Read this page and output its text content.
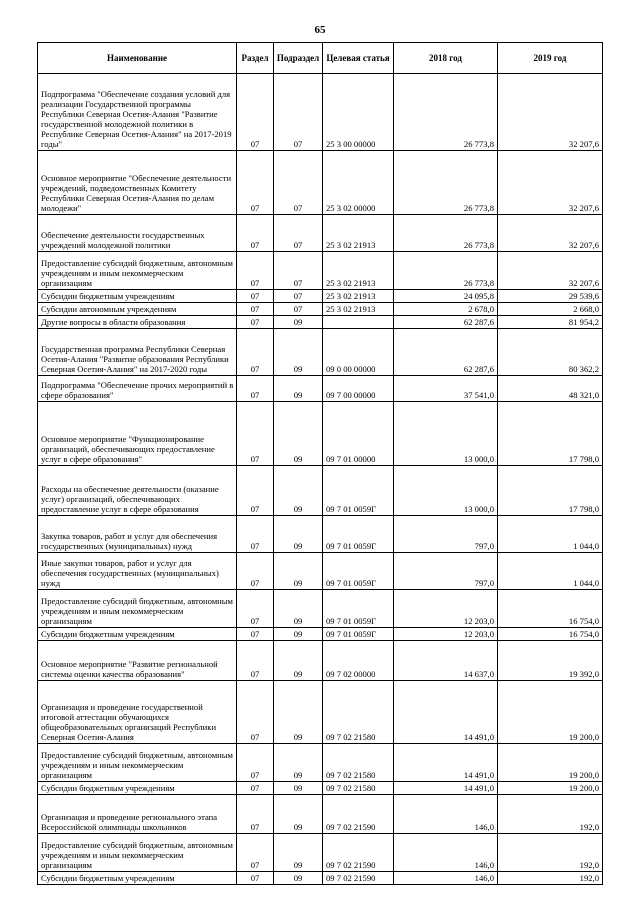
65
Наименование	Раздел	Подраздел	Целевая статья	2018 год	2019 год
Подпрограмма "Обеспечение создания условий для реализации Государственной программы Республики Северная Осетия-Алания "Развитие государственной молодежной политики в Республике Северная Осетия-Алания" на 2017-2019 годы"	07	07	25 3 00 00000	26 773,8	32 207,6
Основное мероприятие "Обеспечение деятельности учреждений, подведомственных Комитету Республики Северная Осетия-Алания по делам молодежи"	07	07	25 3 02 00000	26 773,8	32 207,6
Обеспечение деятельности государственных учреждений молодежной политики	07	07	25 3 02 21913	26 773,8	32 207,6
Предоставление субсидий бюджетным, автономным учреждениям и иным некоммерческим организациям	07	07	25 3 02 21913	26 773,8	32 207,6
Субсидии бюджетным учреждениям	07	07	25 3 02 21913	24 095,8	29 539,6
Субсидии автономным учреждениям	07	07	25 3 02 21913	2 678,0	2 668,0
Другие вопросы в области образования	07	09		62 287,6	81 954,2
Государственная программа Республики Северная Осетия-Алания "Развитие образования Республики Северная Осетия-Алания" на 2017-2020 годы	07	09	09 0 00 00000	62 287,6	80 362,2
Подпрограмма "Обеспечение прочих мероприятий в сфере образования"	07	09	09 7 00 00000	37 541,0	48 321,0
Основное мероприятие "Функционирование организаций, обеспечивающих предоставление услуг в сфере образования"	07	09	09 7 01 00000	13 000,0	17 798,0
Расходы на обеспечение деятельности (оказание услуг) организаций, обеспечивающих предоставление услуг в сфере образования	07	09	09 7 01 0059Г	13 000,0	17 798,0
Закупка товаров, работ и услуг для обеспечения государственных (муниципальных) нужд	07	09	09 7 01 0059Г	797,0	1 044,0
Иные закупки товаров, работ и услуг для обеспечения государственных (муниципальных) нужд	07	09	09 7 01 0059Г	797,0	1 044,0
Предоставление субсидий бюджетным, автономным учреждениям и иным некоммерческим организациям	07	09	09 7 01 0059Г	12 203,0	16 754,0
Субсидии бюджетным учреждениям	07	09	09 7 01 0059Г	12 203,0	16 754,0
Основное мероприятие "Развитие региональной системы оценки качества образования"	07	09	09 7 02 00000	14 637,0	19 392,0
Организация и проведение государственной итоговой аттестации обучающихся общеобразовательных организаций Республики Северная Осетия-Алания	07	09	09 7 02 21580	14 491,0	19 200,0
Предоставление субсидий бюджетным, автономным учреждениям и иным некоммерческим организациям	07	09	09 7 02 21580	14 491,0	19 200,0
Субсидии бюджетным учреждениям	07	09	09 7 02 21580	14 491,0	19 200,0
Организация и проведение регионального этапа Всероссийской олимпиады школьников	07	09	09 7 02 21590	146,0	192,0
Предоставление субсидий бюджетным, автономным учреждениям и иным некоммерческим организациям	07	09	09 7 02 21590	146,0	192,0
Субсидии бюджетным учреждениям	07	09	09 7 02 21590	146,0	192,0
